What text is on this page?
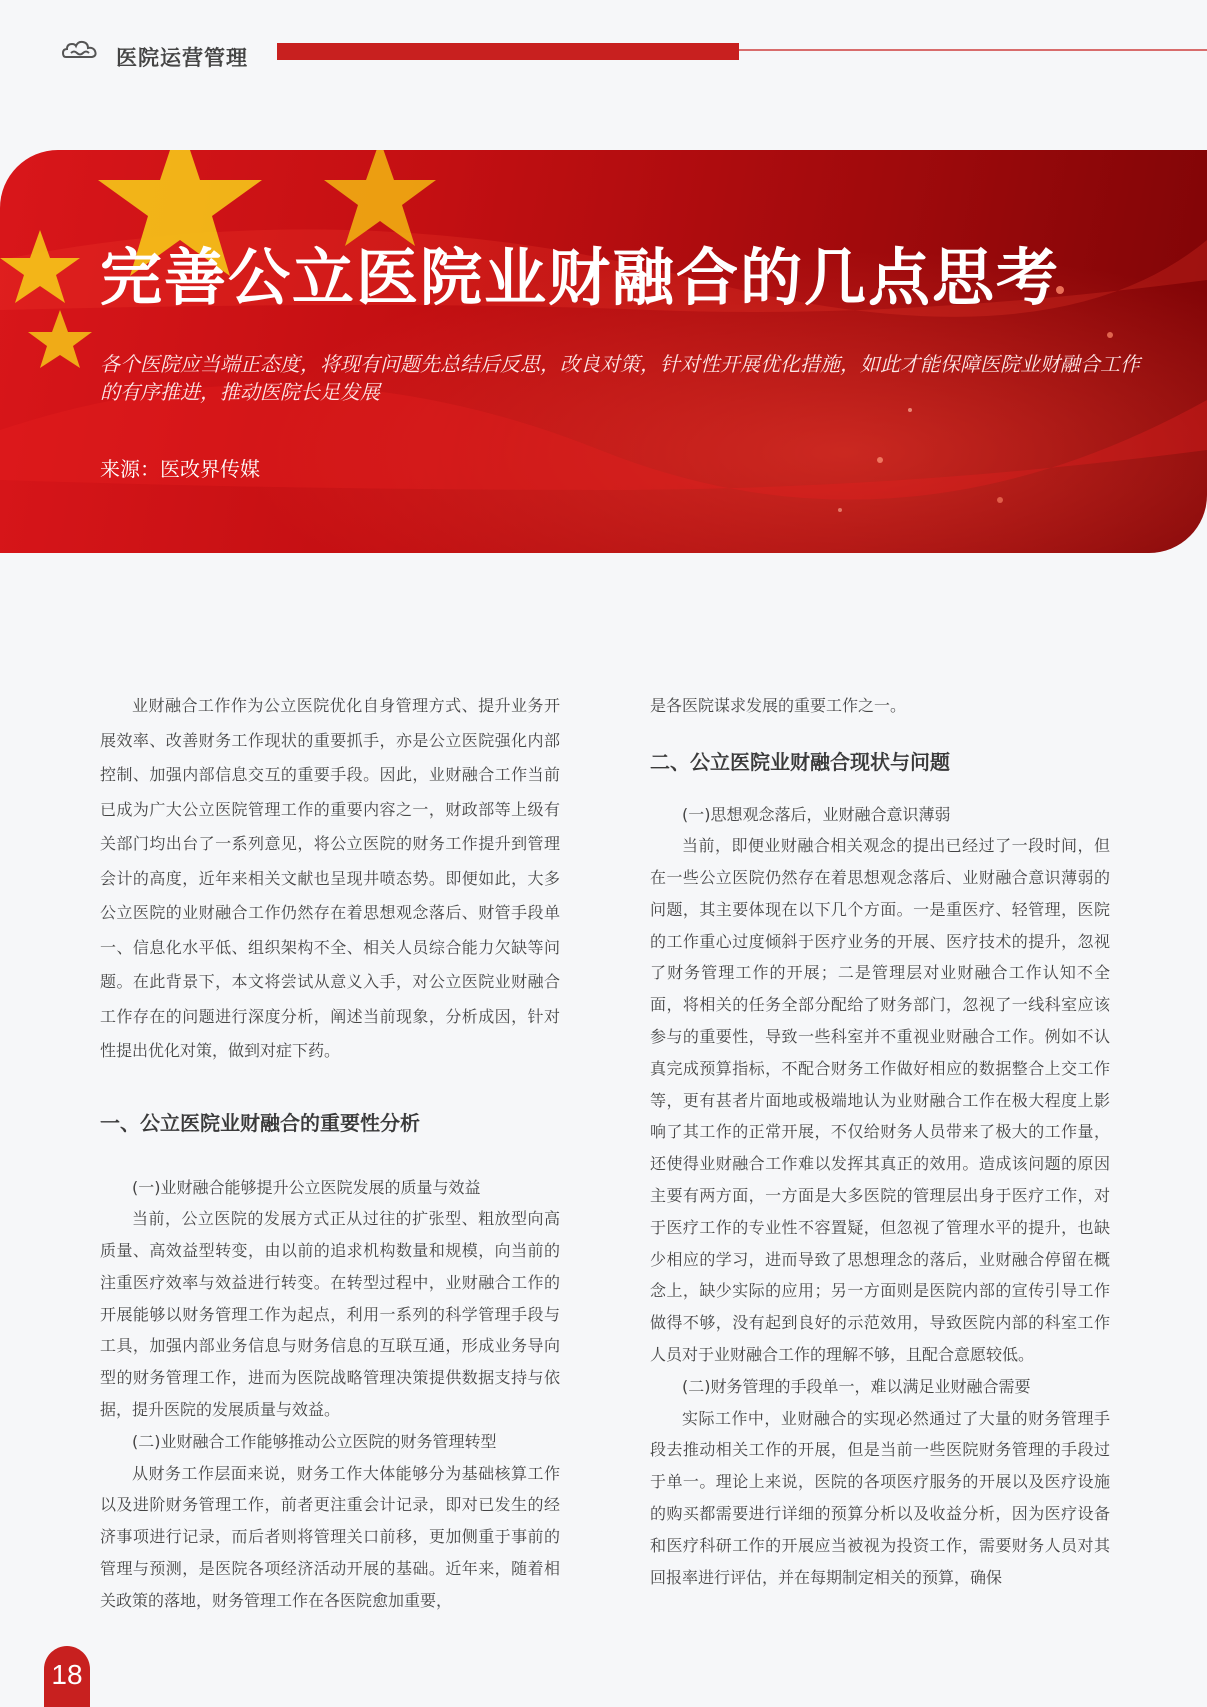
医院运营管理
完善公立医院业财融合的几点思考
各个医院应当端正态度，将现有问题先总结后反思，改良对策，针对性开展优化措施，如此才能保障医院业财融合工作的有序推进，推动医院长足发展
来源：医改界传媒

业财融合工作作为公立医院优化自身管理方式、提升业务开展效率、改善财务工作现状的重要抓手，亦是公立医院强化内部控制、加强内部信息交互的重要手段。因此，业财融合工作当前已成为广大公立医院管理工作的重要内容之一，财政部等上级有关部门均出台了一系列意见，将公立医院的财务工作提升到管理会计的高度，近年来相关文献也呈现井喷态势。即便如此，大多公立医院的业财融合工作仍然存在着思想观念落后、财管手段单一、信息化水平低、组织架构不全、相关人员综合能力欠缺等问题。在此背景下，本文将尝试从意义入手，对公立医院业财融合工作存在的问题进行深度分析，阐述当前现象，分析成因，针对性提出优化对策，做到对症下药。

一、公立医院业财融合的重要性分析

(一)业财融合能够提升公立医院发展的质量与效益

当前，公立医院的发展方式正从过往的扩张型、粗放型向高质量、高效益型转变，由以前的追求机构数量和规模，向当前的注重医疗效率与效益进行转变。在转型过程中，业财融合工作的开展能够以财务管理工作为起点，利用一系列的科学管理手段与工具，加强内部业务信息与财务信息的互联互通，形成业务导向型的财务管理工作，进而为医院战略管理决策提供数据支持与依据，提升医院的发展质量与效益。

(二)业财融合工作能够推动公立医院的财务管理转型

从财务工作层面来说，财务工作大体能够分为基础核算工作以及进阶财务管理工作，前者更注重会计记录，即对已发生的经济事项进行记录，而后者则将管理关口前移，更加侧重于事前的管理与预测，是医院各项经济活动开展的基础。近年来，随着相关政策的落地，财务管理工作在各医院愈加重要，

是各医院谋求发展的重要工作之一。

二、公立医院业财融合现状与问题

(一)思想观念落后，业财融合意识薄弱

当前，即便业财融合相关观念的提出已经过了一段时间，但在一些公立医院仍然存在着思想观念落后、业财融合意识薄弱的问题，其主要体现在以下几个方面。一是重医疗、轻管理，医院的工作重心过度倾斜于医疗业务的开展、医疗技术的提升，忽视了财务管理工作的开展；二是管理层对业财融合工作认知不全面，将相关的任务全部分配给了财务部门，忽视了一线科室应该参与的重要性，导致一些科室并不重视业财融合工作。例如不认真完成预算指标，不配合财务工作做好相应的数据整合上交工作等，更有甚者片面地或极端地认为业财融合工作在极大程度上影响了其工作的正常开展，不仅给财务人员带来了极大的工作量，还使得业财融合工作难以发挥其真正的效用。造成该问题的原因主要有两方面，一方面是大多医院的管理层出身于医疗工作，对于医疗工作的专业性不容置疑，但忽视了管理水平的提升，也缺少相应的学习，进而导致了思想理念的落后，业财融合停留在概念上，缺少实际的应用；另一方面则是医院内部的宣传引导工作做得不够，没有起到良好的示范效用，导致医院内部的科室工作人员对于业财融合工作的理解不够，且配合意愿较低。

(二)财务管理的手段单一，难以满足业财融合需要

实际工作中，业财融合的实现必然通过了大量的财务管理手段去推动相关工作的开展，但是当前一些医院财务管理的手段过于单一。理论上来说，医院的各项医疗服务的开展以及医疗设施的购买都需要进行详细的预算分析以及收益分析，因为医疗设备和医疗科研工作的开展应当被视为投资工作，需要财务人员对其回报率进行评估，并在每期制定相关的预算，确保

18
